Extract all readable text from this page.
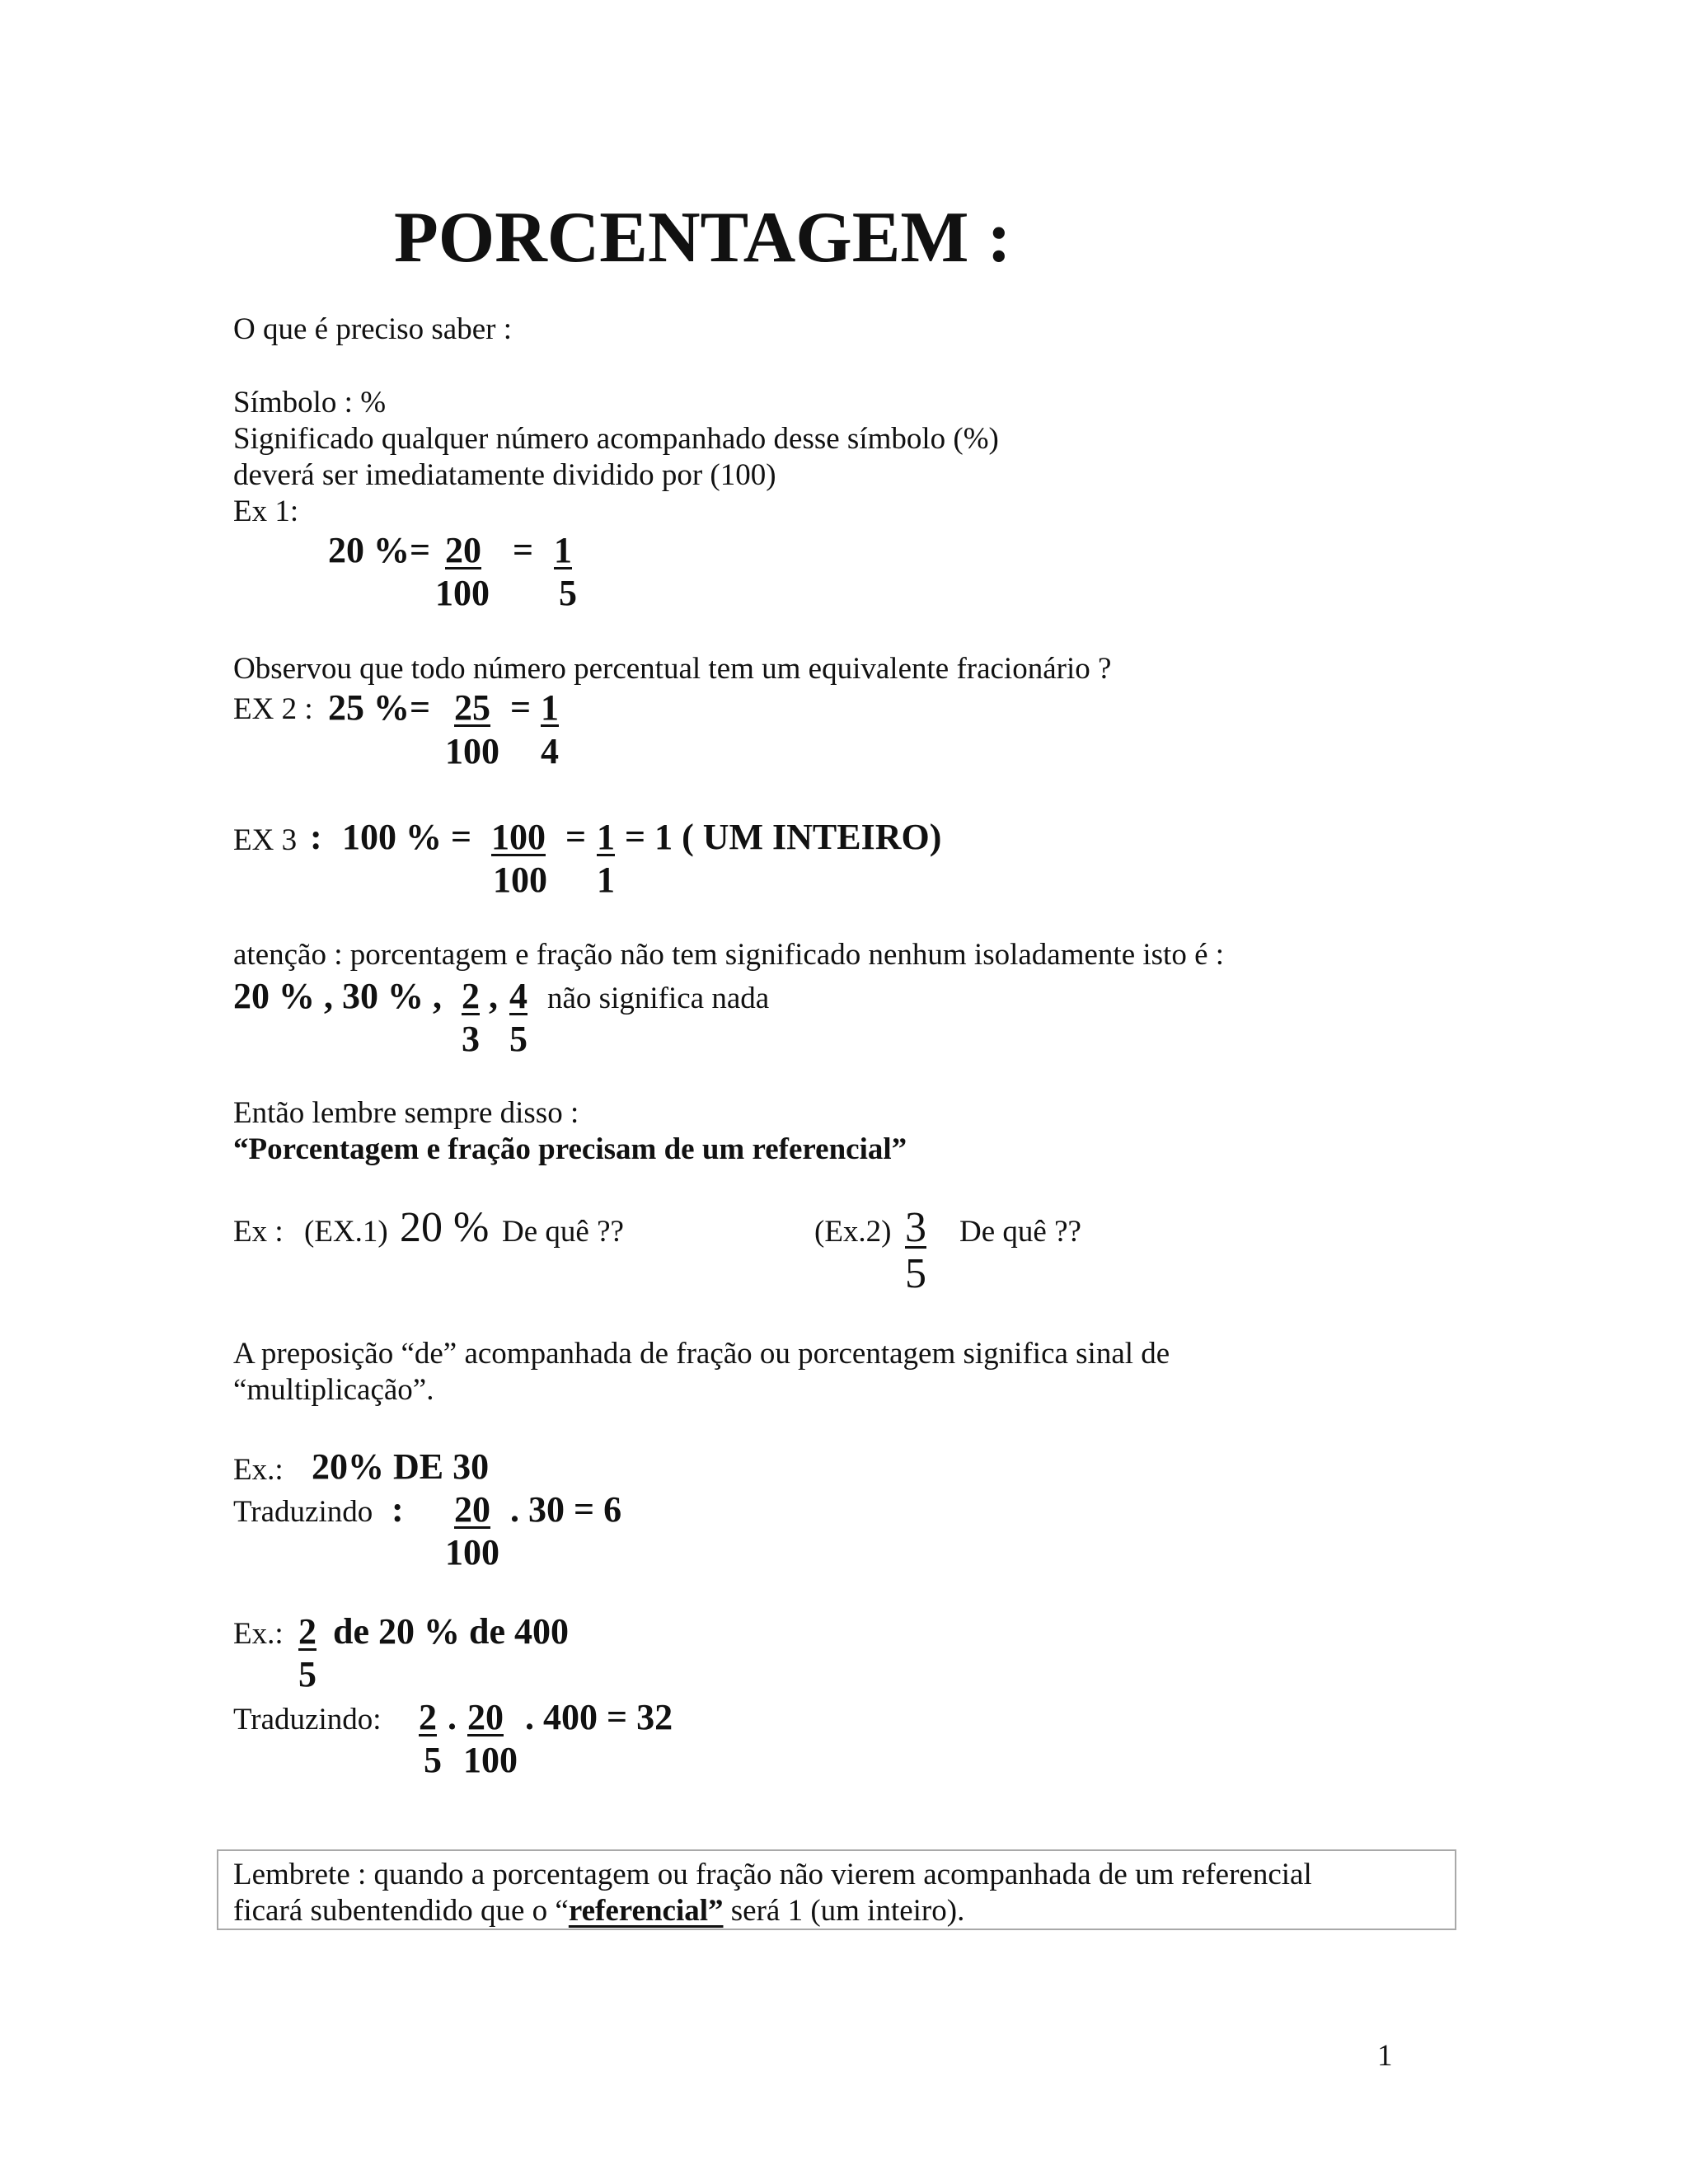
PORCENTAGEM :
O que é preciso saber :
Símbolo : %
Significado qualquer número acompanhado desse símbolo (%)
deverá ser imediatamente dividido por (100)
Ex 1:
20 %= 20 = 1
100 5
Observou que todo número percentual tem um equivalente fracionário ?
EX 2 : 25 %= 25 = 1
100 4
EX 3 : 100 % = 100 = 1 = 1 ( UM INTEIRO)
100 1
atenção : porcentagem e fração não tem significado nenhum isoladamente isto é :
20 % , 30 % , 2 , 4 não significa nada
3 5
Então lembre sempre disso :
“Porcentagem e fração precisam de um referencial”
Ex : (EX.1) 20 % De quê ??	(Ex.2) 3 De quê ??
5
A preposição “de” acompanhada de fração ou porcentagem significa sinal de
“multiplicação”.
Ex.: 20% DE 30
Traduzindo : 20 . 30 = 6
100
Ex.: 2 de 20 % de 400
5
Traduzindo: 2 . 20 . 400 = 32
5 100
Lembrete : quando a porcentagem ou fração não vierem acompanhada de um referencial
ficará subentendido que o “referencial” será 1 (um inteiro).
1
